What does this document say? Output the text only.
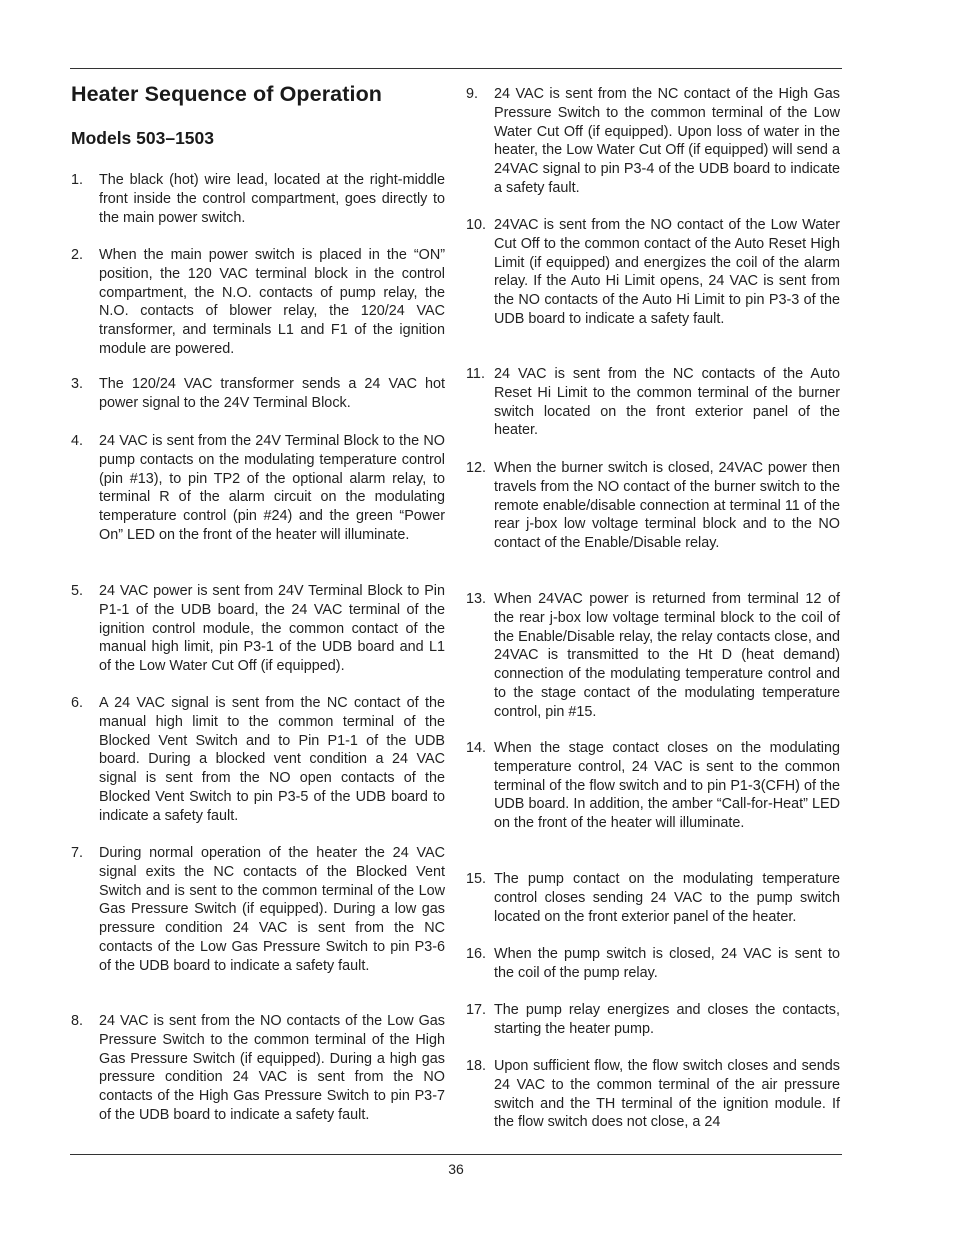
Heater Sequence of Operation
Models 503–1503
1. The black (hot) wire lead, located at the right-middle front inside the control compartment, goes directly to the main power switch.
2. When the main power switch is placed in the “ON” position, the 120 VAC terminal block in the control compartment, the N.O. contacts of pump relay, the N.O. contacts of blower relay, the 120/24 VAC transformer, and terminals L1 and F1 of the ignition module are powered.
3. The 120/24 VAC transformer sends a 24 VAC hot power signal to the 24V Terminal Block.
4. 24 VAC is sent from the 24V Terminal Block to the NO pump contacts on the modulating temperature control (pin #13), to pin TP2 of the optional alarm relay, to terminal R of the alarm circuit on the modulating temperature control (pin #24) and the green “Power On” LED on the front of the heater will illuminate.
5. 24 VAC power is sent from 24V Terminal Block to Pin P1-1 of the UDB board, the 24 VAC terminal of the ignition control module, the common contact of the manual high limit, pin P3-1 of the UDB board and L1 of the Low Water Cut Off (if equipped).
6. A 24 VAC signal is sent from the NC contact of the manual high limit to the common terminal of the Blocked Vent Switch and to Pin P1-1 of the UDB board. During a blocked vent condition a 24 VAC signal is sent from the NO open contacts of the Blocked Vent Switch to pin P3-5 of the UDB board to indicate a safety fault.
7. During normal operation of the heater the 24 VAC signal exits the NC contacts of the Blocked Vent Switch and is sent to the common terminal of the Low Gas Pressure Switch (if equipped). During a low gas pressure condition 24 VAC is sent from the NC contacts of the Low Gas Pressure Switch to pin P3-6 of the UDB board to indicate a safety fault.
8. 24 VAC is sent from the NO contacts of the Low Gas Pressure Switch to the common terminal of the High Gas Pressure Switch (if equipped). During a high gas pressure condition 24 VAC is sent from the NO contacts of the High Gas Pressure Switch to pin P3-7 of the UDB board to indicate a safety fault.
9. 24 VAC is sent from the NC contact of the High Gas Pressure Switch to the common terminal of the Low Water Cut Off (if equipped). Upon loss of water in the heater, the Low Water Cut Off (if equipped) will send a 24VAC signal to pin P3-4 of the UDB board to indicate a safety fault.
10. 24VAC is sent from the NO contact of the Low Water Cut Off to the common contact of the Auto Reset High Limit (if equipped) and energizes the coil of the alarm relay. If the Auto Hi Limit opens, 24 VAC is sent from the NO contacts of the Auto Hi Limit to pin P3-3 of the UDB board to indicate a safety fault.
11. 24 VAC is sent from the NC contacts of the Auto Reset Hi Limit to the common terminal of the burner switch located on the front exterior panel of the heater.
12. When the burner switch is closed, 24VAC power then travels from the NO contact of the burner switch to the remote enable/disable connection at terminal 11 of the rear j-box low voltage terminal block and to the NO contact of the Enable/Disable relay.
13. When 24VAC power is returned from terminal 12 of the rear j-box low voltage terminal block to the coil of the Enable/Disable relay, the relay contacts close, and 24VAC is transmitted to the Ht D (heat demand) connection of the modulating temperature control and to the stage contact of the modulating temperature control, pin #15.
14. When the stage contact closes on the modulating temperature control, 24 VAC is sent to the common terminal of the flow switch and to pin P1-3(CFH) of the UDB board. In addition, the amber “Call-for-Heat” LED on the front of the heater will illuminate.
15. The pump contact on the modulating temperature control closes sending 24 VAC to the pump switch located on the front exterior panel of the heater.
16. When the pump switch is closed, 24 VAC is sent to the coil of the pump relay.
17. The pump relay energizes and closes the contacts, starting the heater pump.
18. Upon sufficient flow, the flow switch closes and sends 24 VAC to the common terminal of the air pressure switch and the TH terminal of the ignition module. If the flow switch does not close, a 24
36
